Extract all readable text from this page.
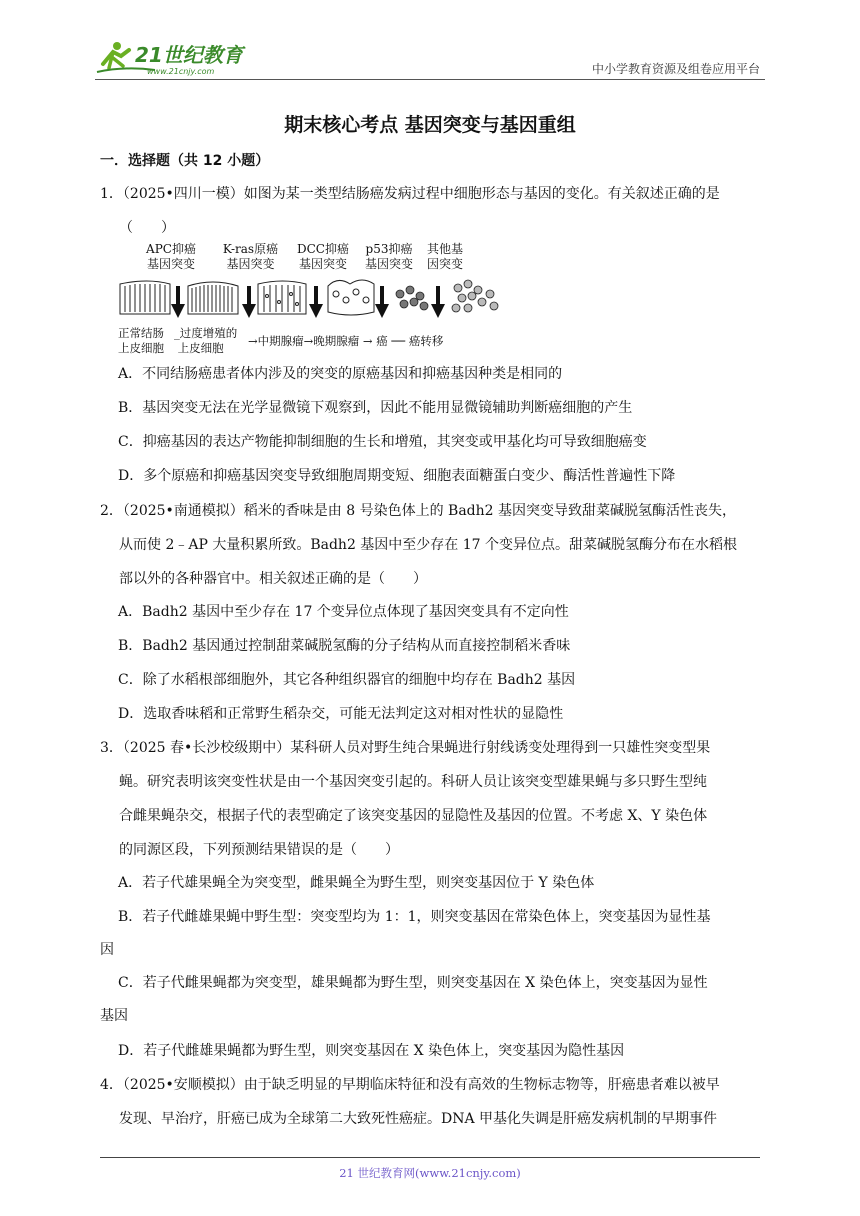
21世纪教育
www.21cnjy.com	中小学教育资源及组卷应用平台
期末核心考点 基因突变与基因重组
一．选择题（共 12 小题）
1．（2025•四川一模）如图为某一类型结肠癌发病过程中细胞形态与基因的变化。有关叙述正确的是
（　　）
APC抑癌
基因突变
K-ras原癌
基因突变
DCC抑癌
基因突变
p53抑癌
基因突变
其他基
因突变
正常结肠
上皮细胞
_过度增殖的
上皮细胞	→中期腺瘤→晚期腺瘤 → 癌 ── 癌转移
A．不同结肠癌患者体内涉及的突变的原癌基因和抑癌基因种类是相同的
B．基因突变无法在光学显微镜下观察到，因此不能用显微镜辅助判断癌细胞的产生
C．抑癌基因的表达产物能抑制细胞的生长和增殖，其突变或甲基化均可导致细胞癌变
D．多个原癌和抑癌基因突变导致细胞周期变短、细胞表面糖蛋白变少、酶活性普遍性下降
2．（2025•南通模拟）稻米的香味是由 8 号染色体上的 Badh2 基因突变导致甜菜碱脱氢酶活性丧失，
从而使 2﹣AP 大量积累所致。Badh2 基因中至少存在 17 个变异位点。甜菜碱脱氢酶分布在水稻根
部以外的各种器官中。相关叙述正确的是（　　）
A．Badh2 基因中至少存在 17 个变异位点体现了基因突变具有不定向性
B．Badh2 基因通过控制甜菜碱脱氢酶的分子结构从而直接控制稻米香味
C．除了水稻根部细胞外，其它各种组织器官的细胞中均存在 Badh2 基因
D．选取香味稻和正常野生稻杂交，可能无法判定这对相对性状的显隐性
3．（2025 春•长沙校级期中）某科研人员对野生纯合果蝇进行射线诱变处理得到一只雄性突变型果
蝇。研究表明该突变性状是由一个基因突变引起的。科研人员让该突变型雄果蝇与多只野生型纯
合雌果蝇杂交，根据子代的表型确定了该突变基因的显隐性及基因的位置。不考虑 X、Y 染色体
的同源区段，下列预测结果错误的是（　　）
A．若子代雄果蝇全为突变型，雌果蝇全为野生型，则突变基因位于 Y 染色体
B．若子代雌雄果蝇中野生型：突变型均为 1：1，则突变基因在常染色体上，突变基因为显性基
因
C．若子代雌果蝇都为突变型，雄果蝇都为野生型，则突变基因在 X 染色体上，突变基因为显性
基因
D．若子代雌雄果蝇都为野生型，则突变基因在 X 染色体上，突变基因为隐性基因
4．（2025•安顺模拟）由于缺乏明显的早期临床特征和没有高效的生物标志物等，肝癌患者难以被早
发现、早治疗，肝癌已成为全球第二大致死性癌症。DNA 甲基化失调是肝癌发病机制的早期事件
21 世纪教育网(www.21cnjy.com)
